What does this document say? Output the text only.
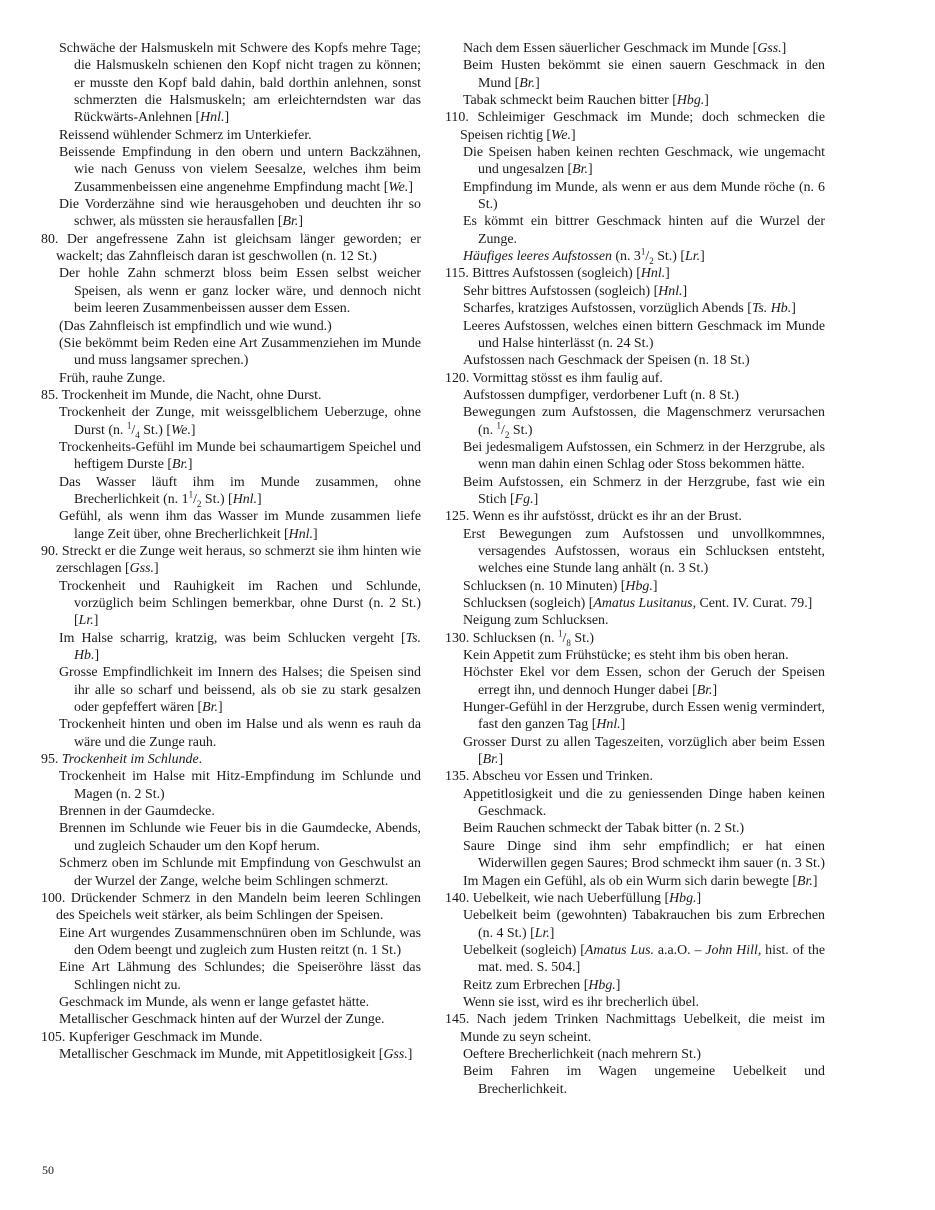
Schwäche der Halsmuskeln mit Schwere des Kopfs mehre Tage; die Halsmuskeln schienen den Kopf nicht tragen zu können; er musste den Kopf bald dahin, bald dorthin anlehnen, sonst schmerzten die Halsmuskeln; am erleichterndsten war das Rückwärts-Anlehnen [Hnl.]

Reissend wühlender Schmerz im Unterkiefer.

Beissende Empfindung in den obern und untern Backzähnen, wie nach Genuss von vielem Seesalze, welches ihm beim Zusammenbeissen eine angenehme Empfindung macht [We.]

Die Vorderzähne sind wie herausgehoben und deuchten ihr so schwer, als müssten sie herausfallen [Br.]

80. Der angefressene Zahn ist gleichsam länger geworden; er wackelt; das Zahnfleisch daran ist geschwollen (n. 12 St.)

Der hohle Zahn schmerzt bloss beim Essen selbst weicher Speisen, als wenn er ganz locker wäre, und dennoch nicht beim leeren Zusammenbeissen ausser dem Essen.

(Das Zahnfleisch ist empfindlich und wie wund.)

(Sie bekömmt beim Reden eine Art Zusammenziehen im Munde und muss langsamer sprechen.)

Früh, rauhe Zunge.

85. Trockenheit im Munde, die Nacht, ohne Durst.

Trockenheit der Zunge, mit weissgelblichem Ueberzuge, ohne Durst (n. $^1/_4$ St.) [We.]

Trockenheits-Gefühl im Munde bei schaumartigem Speichel und heftigem Durste [Br.]

Das Wasser läuft ihm im Munde zusammen, ohne Brecherlichkeit (n. $1^1/_2$ St.) [Hnl.]

Gefühl, als wenn ihm das Wasser im Munde zusammen liefe lange Zeit über, ohne Brecherlichkeit [Hnl.]

90. Streckt er die Zunge weit heraus, so schmerzt sie ihm hinten wie zerschlagen [Gss.]

Trockenheit und Rauhigkeit im Rachen und Schlunde, vorzüglich beim Schlingen bemerkbar, ohne Durst (n. 2 St.) [Lr.]

Im Halse scharrig, kratzig, was beim Schlucken vergeht [Ts. Hb.]

Grosse Empfindlichkeit im Innern des Halses; die Speisen sind ihr alle so scharf und beissend, als ob sie zu stark gesalzen oder gepfeffert wären [Br.]

Trockenheit hinten und oben im Halse und als wenn es rauh da wäre und die Zunge rauh.

95. Trockenheit im Schlunde.

Trockenheit im Halse mit Hitz-Empfindung im Schlunde und Magen (n. 2 St.)

Brennen in der Gaumdecke.

Brennen im Schlunde wie Feuer bis in die Gaumdecke, Abends, und zugleich Schauder um den Kopf herum.

Schmerz oben im Schlunde mit Empfindung von Geschwulst an der Wurzel der Zange, welche beim Schlingen schmerzt.

100. Drückender Schmerz in den Mandeln beim leeren Schlingen des Speichels weit stärker, als beim Schlingen der Speisen.

Eine Art wurgendes Zusammenschnüren oben im Schlunde, was den Odem beengt und zugleich zum Husten reitzt (n. 1 St.)

Eine Art Lähmung des Schlundes; die Speiseröhre lässt das Schlingen nicht zu.

Geschmack im Munde, als wenn er lange gefastet hätte.

Metallischer Geschmack hinten auf der Wurzel der Zunge.

105. Kupferiger Geschmack im Munde.

Metallischer Geschmack im Munde, mit Appetitlosigkeit [Gss.]

Nach dem Essen säuerlicher Geschmack im Munde [Gss.]

Beim Husten bekömmt sie einen sauern Geschmack in den Mund [Br.]

Tabak schmeckt beim Rauchen bitter [Hbg.]

110. Schleimiger Geschmack im Munde; doch schmecken die Speisen richtig [We.]

Die Speisen haben keinen rechten Geschmack, wie ungemacht und ungesalzen [Br.]

Empfindung im Munde, als wenn er aus dem Munde röche (n. 6 St.)

Es kömmt ein bittrer Geschmack hinten auf die Wurzel der Zunge.

Häufiges leeres Aufstossen (n. $3^1/_2$ St.) [Lr.]

115. Bittres Aufstossen (sogleich) [Hnl.]

Sehr bittres Aufstossen (sogleich) [Hnl.]

Scharfes, kratziges Aufstossen, vorzüglich Abends [Ts. Hb.]

Leeres Aufstossen, welches einen bittern Geschmack im Munde und Halse hinterlässt (n. 24 St.)

Aufstossen nach Geschmack der Speisen (n. 18 St.)

120. Vormittag stösst es ihm faulig auf.

Aufstossen dumpfiger, verdorbener Luft (n. 8 St.)

Bewegungen zum Aufstossen, die Magenschmerz verursachen (n. $^1/_2$ St.)

Bei jedesmaligem Aufstossen, ein Schmerz in der Herzgrube, als wenn man dahin einen Schlag oder Stoss bekommen hätte.

Beim Aufstossen, ein Schmerz in der Herzgrube, fast wie ein Stich [Fg.]

125. Wenn es ihr aufstösst, drückt es ihr an der Brust.

Erst Bewegungen zum Aufstossen und unvollkommnes, versagendes Aufstossen, woraus ein Schlucksen entsteht, welches eine Stunde lang anhält (n. 3 St.)

Schlucksen (n. 10 Minuten) [Hbg.]

Schlucksen (sogleich) [Amatus Lusitanus, Cent. IV. Curat. 79.]

Neigung zum Schlucksen.

130. Schlucksen (n. $^1/_8$ St.)

Kein Appetit zum Frühstücke; es steht ihm bis oben heran.

Höchster Ekel vor dem Essen, schon der Geruch der Speisen erregt ihn, und dennoch Hunger dabei [Br.]

Hunger-Gefühl in der Herzgrube, durch Essen wenig vermindert, fast den ganzen Tag [Hnl.]

Grosser Durst zu allen Tageszeiten, vorzüglich aber beim Essen [Br.]

135. Abscheu vor Essen und Trinken.

Appetitlosigkeit und die zu geniessenden Dinge haben keinen Geschmack.

Beim Rauchen schmeckt der Tabak bitter (n. 2 St.)

Saure Dinge sind ihm sehr empfindlich; er hat einen Widerwillen gegen Saures; Brod schmeckt ihm sauer (n. 3 St.)

Im Magen ein Gefühl, als ob ein Wurm sich darin bewegte [Br.]

140. Uebelkeit, wie nach Ueberfüllung [Hbg.]

Uebelkeit beim (gewohnten) Tabakrauchen bis zum Erbrechen (n. 4 St.) [Lr.]

Uebelkeit (sogleich) [Amatus Lus. a.a.O. – John Hill, hist. of the mat. med. S. 504.]

Reitz zum Erbrechen [Hbg.]

Wenn sie isst, wird es ihr brecherlich übel.

145. Nach jedem Trinken Nachmittags Uebelkeit, die meist im Munde zu seyn scheint.

Oeftere Brecherlichkeit (nach mehrern St.)

Beim Fahren im Wagen ungemeine Uebelkeit und Brecherlichkeit.

50
